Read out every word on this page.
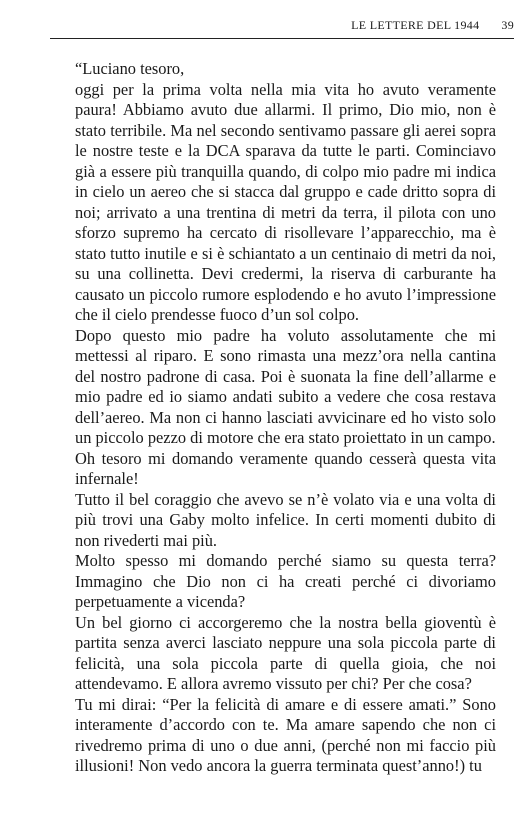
LE LETTERE DEL 1944 39

“Luciano tesoro,

oggi per la prima volta nella mia vita ho avuto veramente paura! Abbiamo avuto due allarmi. Il primo, Dio mio, non è stato terribile. Ma nel secondo sentivamo passare gli aerei sopra le nostre teste e la DCA sparava da tutte le parti. Cominciavo già a essere più tranquilla quando, di colpo mio padre mi indica in cielo un aereo che si stacca dal gruppo e cade dritto sopra di noi; arrivato a una trentina di metri da terra, il pilota con uno sforzo supremo ha cercato di risollevare l’apparecchio, ma è stato tutto inutile e si è schiantato a un centinaio di metri da noi, su una collinetta. Devi credermi, la riserva di carburante ha causato un piccolo rumore esplodendo e ho avuto l’impressione che il cielo prendesse fuoco d’un sol colpo.

Dopo questo mio padre ha voluto assolutamente che mi mettessi al riparo. E sono rimasta una mezz’ora nella cantina del nostro padrone di casa. Poi è suonata la fine dell’allarme e mio padre ed io siamo andati subito a vedere che cosa restava dell’aereo. Ma non ci hanno lasciati avvicinare ed ho visto solo un piccolo pezzo di motore che era stato proiettato in un campo.

Oh tesoro mi domando veramente quando cesserà questa vita infernale!

Tutto il bel coraggio che avevo se n’è volato via e una volta di più trovi una Gaby molto infelice. In certi momenti dubito di non rivederti mai più.

Molto spesso mi domando perché siamo su questa terra? Immagino che Dio non ci ha creati perché ci divoriamo perpetuamente a vicenda?

Un bel giorno ci accorgeremo che la nostra bella gioventù è partita senza averci lasciato neppure una sola piccola parte di felicità, una sola piccola parte di quella gioia, che noi attendevamo. E allora avremo vissuto per chi? Per che cosa?

Tu mi dirai: “Per la felicità di amare e di essere amati.” Sono interamente d’accordo con te. Ma amare sapendo che non ci rivedremo prima di uno o due anni, (perché non mi faccio più illusioni! Non vedo ancora la guerra terminata quest’anno!) tu
